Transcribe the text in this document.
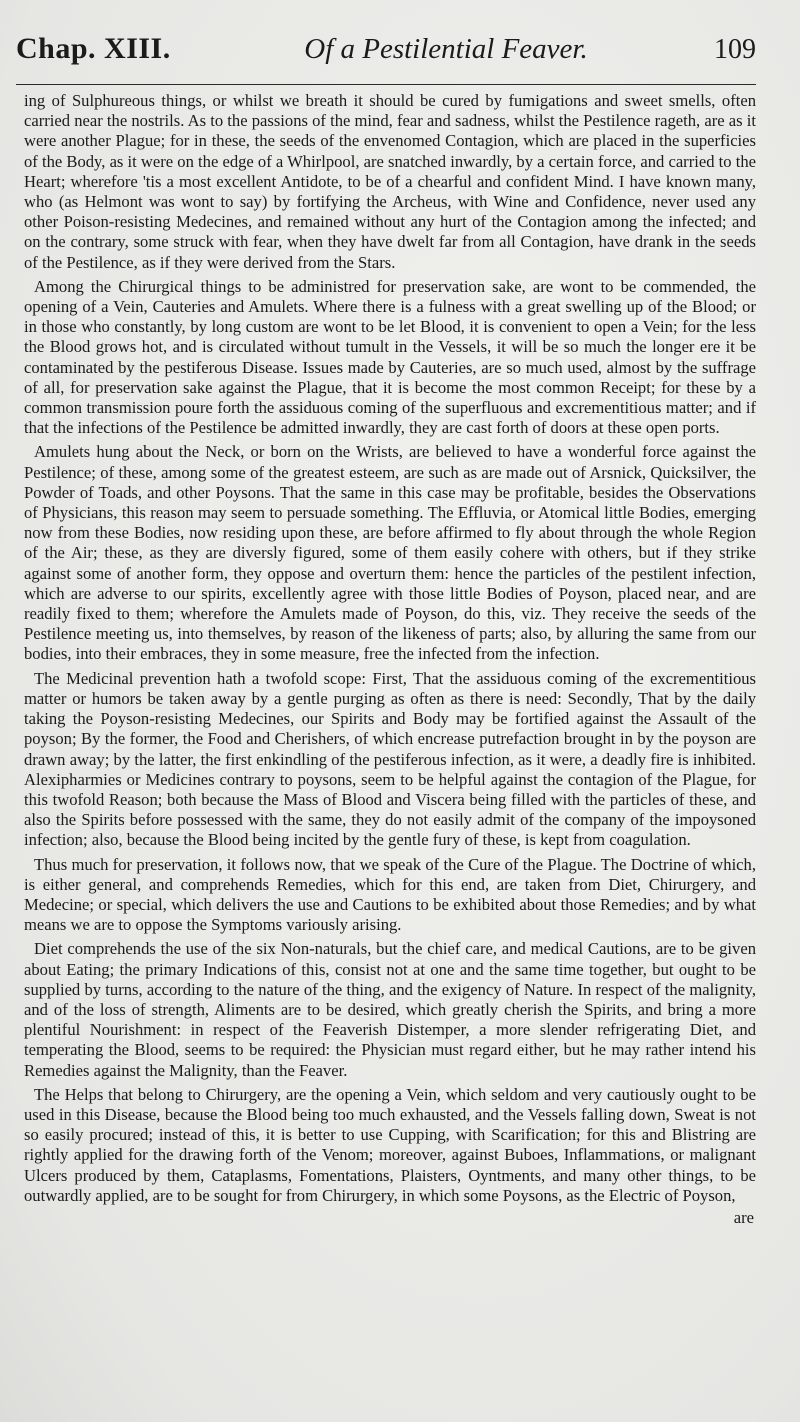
Chap. XIII.	Of a Pestilential Feaver.	109

ing of Sulphureous things, or whilst we breath it should be cured by fumigations and sweet smells, often carried near the nostrils. As to the passions of the mind, fear and sadness, whilst the Pestilence rageth, are as it were another Plague; for in these, the seeds of the envenomed Contagion, which are placed in the superficies of the Body, as it were on the edge of a Whirlpool, are snatched inwardly, by a certain force, and carried to the Heart; wherefore 'tis a most excellent Antidote, to be of a chearful and confident Mind. I have known many, who (as Helmont was wont to say) by fortifying the Archeus, with Wine and Confidence, never used any other Poison-resisting Medecines, and remained without any hurt of the Contagion among the infected; and on the contrary, some struck with fear, when they have dwelt far from all Contagion, have drank in the seeds of the Pestilence, as if they were derived from the Stars.

Among the Chirurgical things to be administred for preservation sake, are wont to be commended, the opening of a Vein, Cauteries and Amulets. Where there is a fulness with a great swelling up of the Blood; or in those who constantly, by long custom are wont to be let Blood, it is convenient to open a Vein; for the less the Blood grows hot, and is circulated without tumult in the Vessels, it will be so much the longer ere it be contaminated by the pestiferous Disease. Issues made by Cauteries, are so much used, almost by the suffrage of all, for preservation sake against the Plague, that it is become the most common Receipt; for these by a common transmission poure forth the assiduous coming of the superfluous and excrementitious matter; and if that the infections of the Pestilence be admitted inwardly, they are cast forth of doors at these open ports.

Amulets hung about the Neck, or born on the Wrists, are believed to have a wonderful force against the Pestilence; of these, among some of the greatest esteem, are such as are made out of Arsnick, Quicksilver, the Powder of Toads, and other Poysons. That the same in this case may be profitable, besides the Observations of Physicians, this reason may seem to persuade something. The Effluvia, or Atomical little Bodies, emerging now from these Bodies, now residing upon these, are before affirmed to fly about through the whole Region of the Air; these, as they are diversly figured, some of them easily cohere with others, but if they strike against some of another form, they oppose and overturn them: hence the particles of the pestilent infection, which are adverse to our spirits, excellently agree with those little Bodies of Poyson, placed near, and are readily fixed to them; wherefore the Amulets made of Poyson, do this, viz. They receive the seeds of the Pestilence meeting us, into themselves, by reason of the likeness of parts; also, by alluring the same from our bodies, into their embraces, they in some measure, free the infected from the infection.

The Medicinal prevention hath a twofold scope: First, That the assiduous coming of the excrementitious matter or humors be taken away by a gentle purging as often as there is need: Secondly, That by the daily taking the Poyson-resisting Medecines, our Spirits and Body may be fortified against the Assault of the poyson; By the former, the Food and Cherishers, of which encrease putrefaction brought in by the poyson are drawn away; by the latter, the first enkindling of the pestiferous infection, as it were, a deadly fire is inhibited. Alexipharmies or Medicines contrary to poysons, seem to be helpful against the contagion of the Plague, for this twofold Reason; both because the Mass of Blood and Viscera being filled with the particles of these, and also the Spirits before possessed with the same, they do not easily admit of the company of the impoysoned infection; also, because the Blood being incited by the gentle fury of these, is kept from coagulation.

Thus much for preservation, it follows now, that we speak of the Cure of the Plague. The Doctrine of which, is either general, and comprehends Remedies, which for this end, are taken from Diet, Chirurgery, and Medecine; or special, which delivers the use and Cautions to be exhibited about those Remedies; and by what means we are to oppose the Symptoms variously arising.

Diet comprehends the use of the six Non-naturals, but the chief care, and medical Cautions, are to be given about Eating; the primary Indications of this, consist not at one and the same time together, but ought to be supplied by turns, according to the nature of the thing, and the exigency of Nature. In respect of the malignity, and of the loss of strength, Aliments are to be desired, which greatly cherish the Spirits, and bring a more plentiful Nourishment: in respect of the Feaverish Distemper, a more slender refrigerating Diet, and temperating the Blood, seems to be required: the Physician must regard either, but he may rather intend his Remedies against the Malignity, than the Feaver.

The Helps that belong to Chirurgery, are the opening a Vein, which seldom and very cautiously ought to be used in this Disease, because the Blood being too much exhausted, and the Vessels falling down, Sweat is not so easily procured; instead of this, it is better to use Cupping, with Scarification; for this and Blistring are rightly applied for the drawing forth of the Venom; moreover, against Buboes, Inflammations, or malignant Ulcers produced by them, Cataplasms, Fomentations, Plaisters, Oyntments, and many other things, to be outwardly applied, are to be sought for from Chirurgery, in which some Poysons, as the Electric of Poyson,

are
